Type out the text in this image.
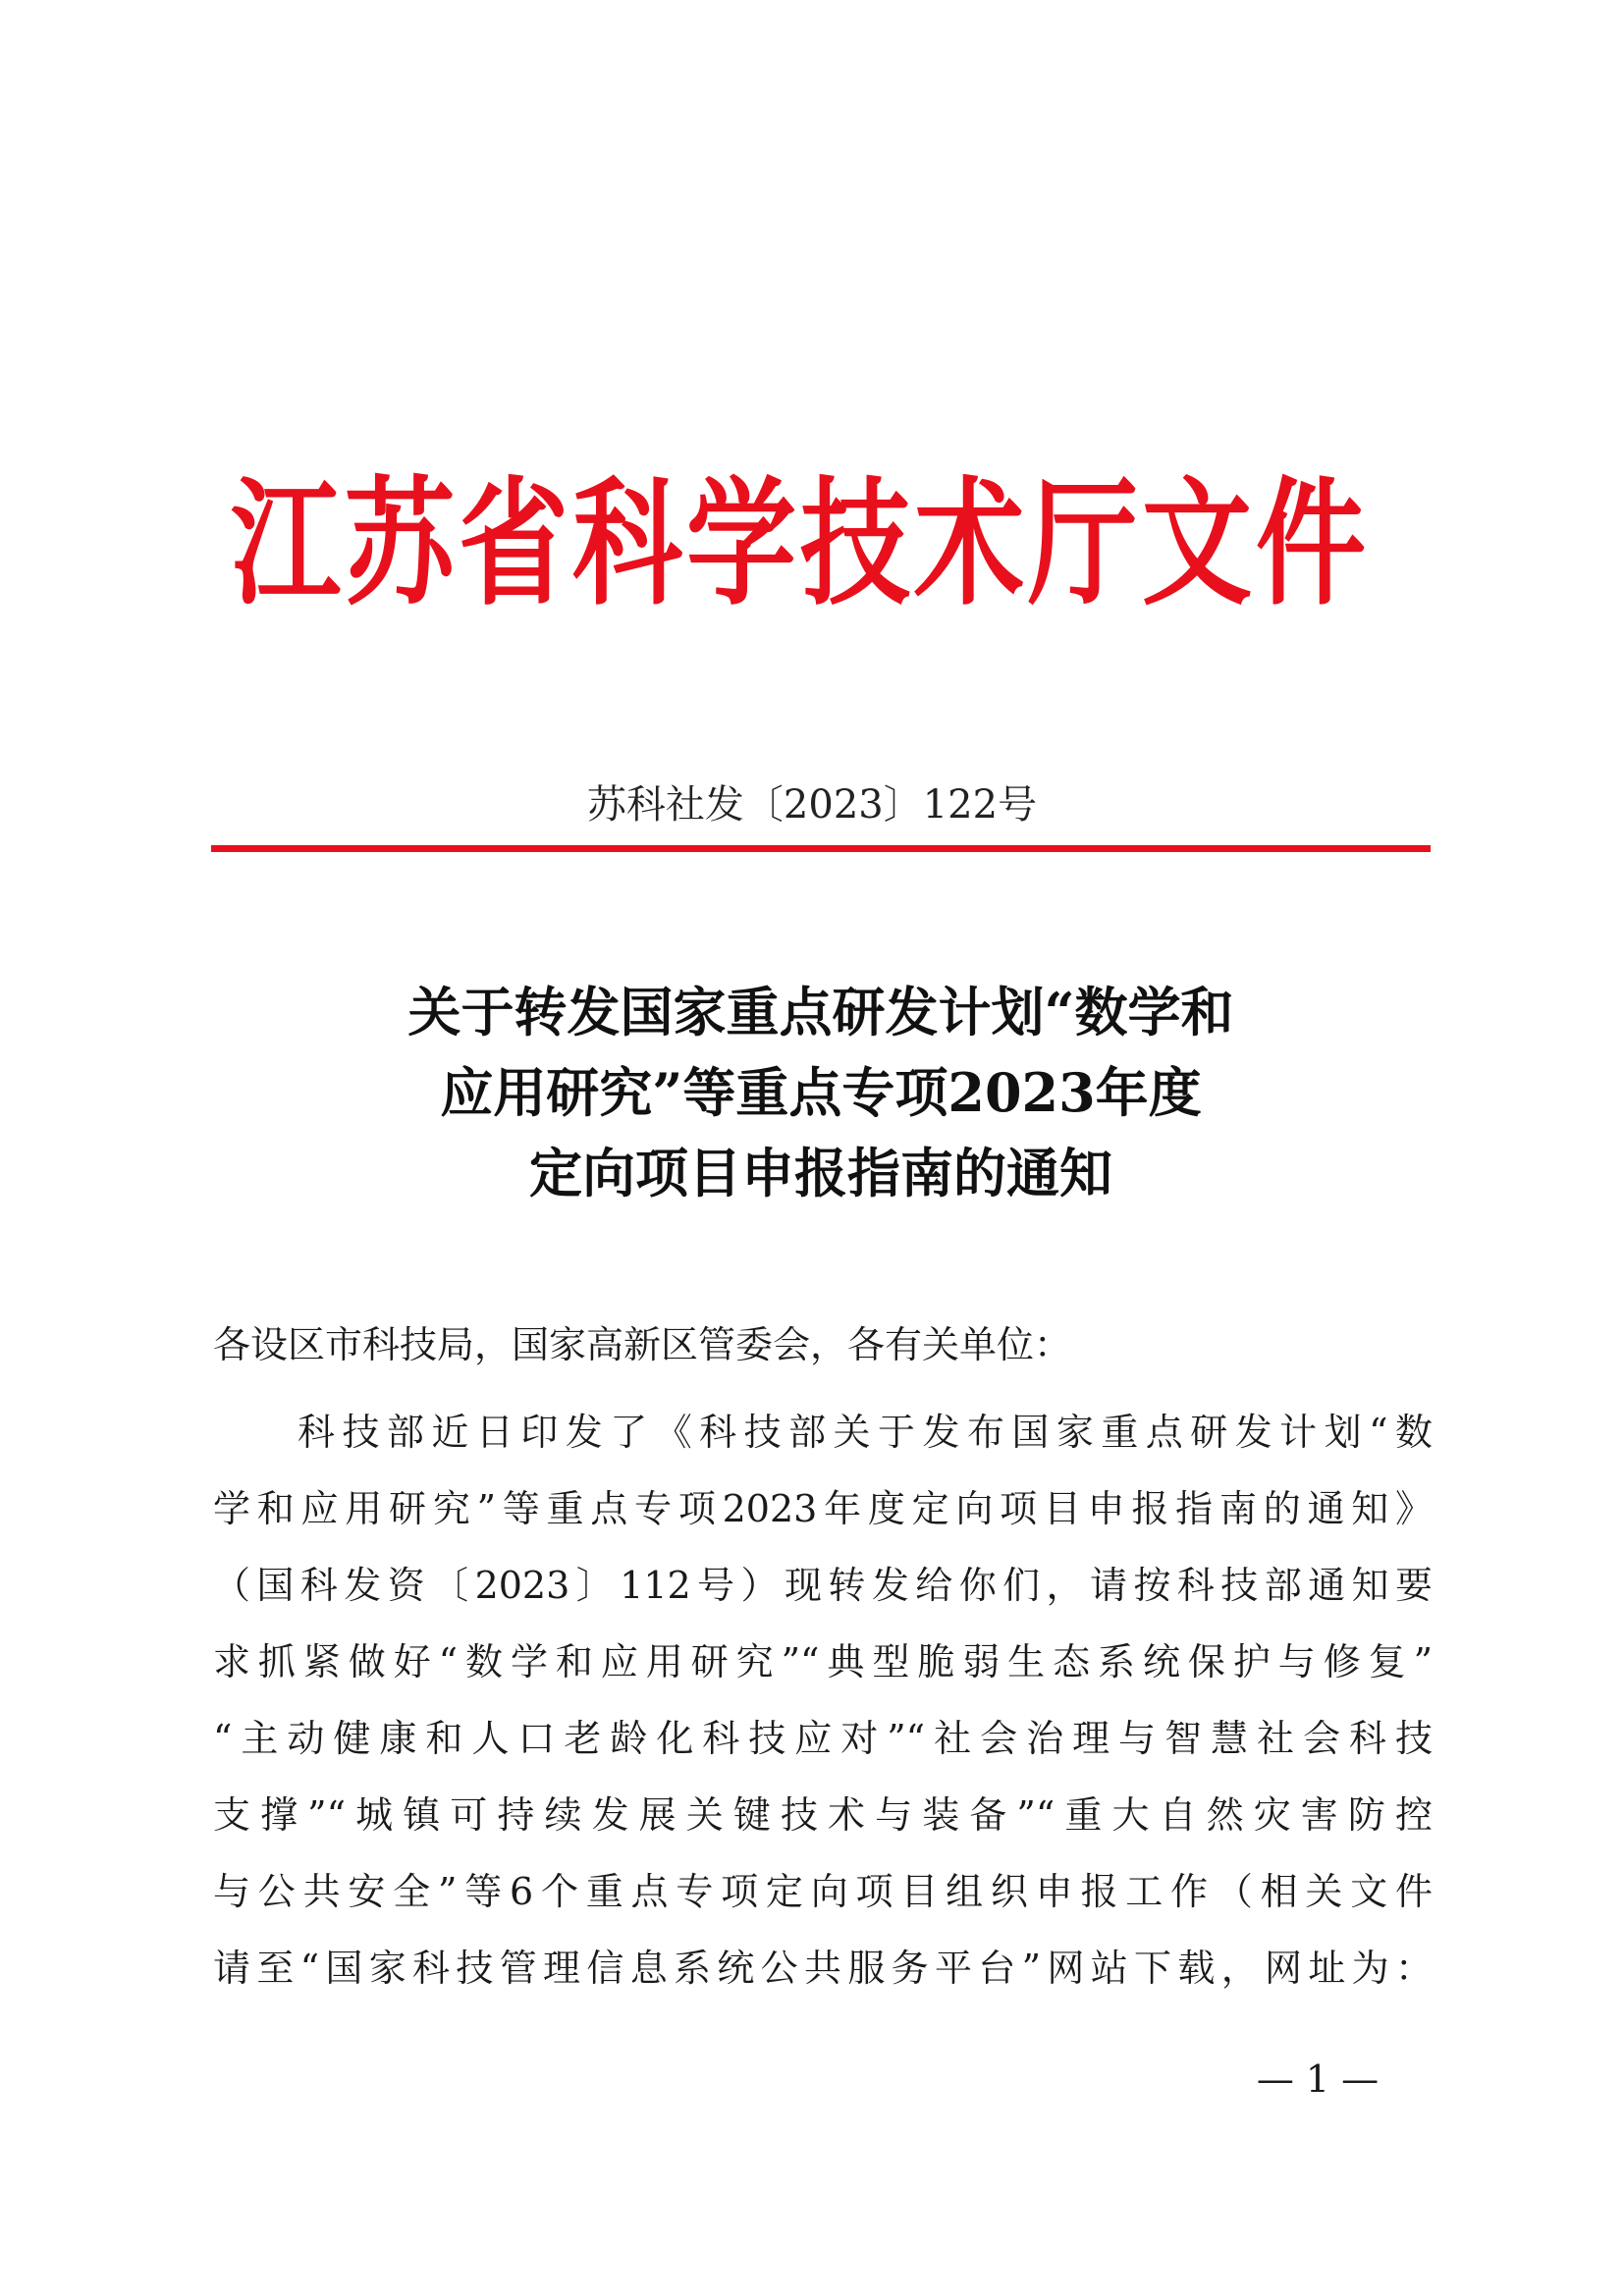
江苏省科学技术厅文件
苏科社发〔2023〕122号
关于转发国家重点研发计划“数学和
应用研究”等重点专项2023年度
定向项目申报指南的通知
各设区市科技局，国家高新区管委会，各有关单位：
科技部近日印发了《科技部关于发布国家重点研发计划“数
学和应用研究”等重点专项2023年度定向项目申报指南的通知》
（国科发资〔2023〕112号）现转发给你们，请按科技部通知要
求抓紧做好“数学和应用研究”“典型脆弱生态系统保护与修复”
“主动健康和人口老龄化科技应对”“社会治理与智慧社会科技
支撑”“城镇可持续发展关键技术与装备”“重大自然灾害防控
与公共安全”等6个重点专项定向项目组织申报工作（相关文件
请至“国家科技管理信息系统公共服务平台”网站下载，网址为：
— 1 —
